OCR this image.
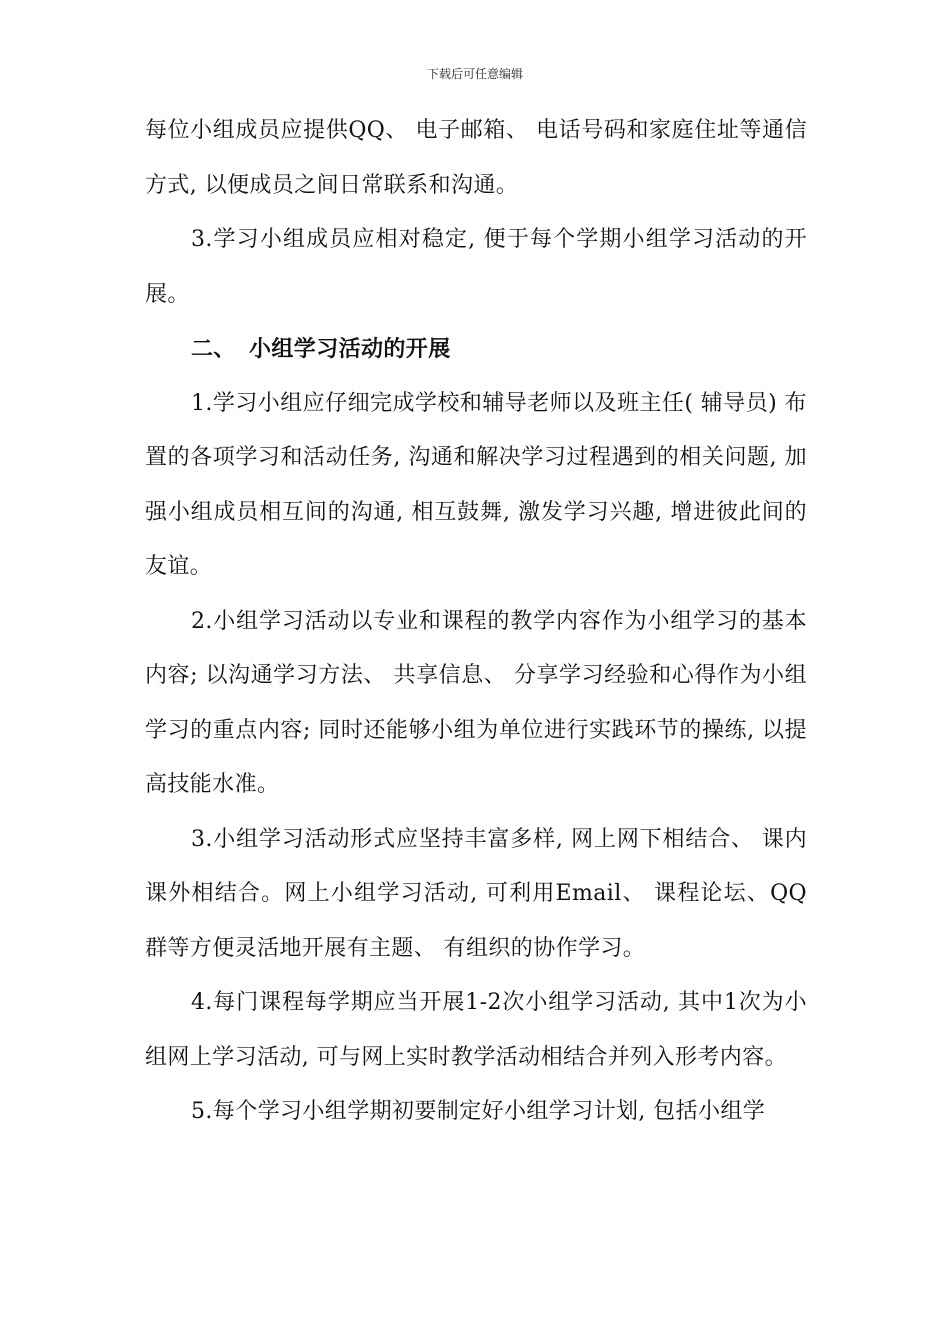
下载后可任意编辑

每位小组成员应提供QQ、 电子邮箱、 电话号码和家庭住址等通信方式, 以便成员之间日常联系和沟通。

3.学习小组成员应相对稳定, 便于每个学期小组学习活动的开展。

二、 小组学习活动的开展

1.学习小组应仔细完成学校和辅导老师以及班主任( 辅导员) 布置的各项学习和活动任务, 沟通和解决学习过程遇到的相关问题, 加强小组成员相互间的沟通, 相互鼓舞, 激发学习兴趣, 增进彼此间的友谊。

2.小组学习活动以专业和课程的教学内容作为小组学习的基本内容; 以沟通学习方法、 共享信息、 分享学习经验和心得作为小组学习的重点内容; 同时还能够小组为单位进行实践环节的操练, 以提高技能水准。

3.小组学习活动形式应坚持丰富多样, 网上网下相结合、 课内课外相结合。网上小组学习活动, 可利用Email、 课程论坛、QQ群等方便灵活地开展有主题、 有组织的协作学习。

4.每门课程每学期应当开展1-2次小组学习活动, 其中1次为小组网上学习活动, 可与网上实时教学活动相结合并列入形考内容。

5.每个学习小组学期初要制定好小组学习计划, 包括小组学
